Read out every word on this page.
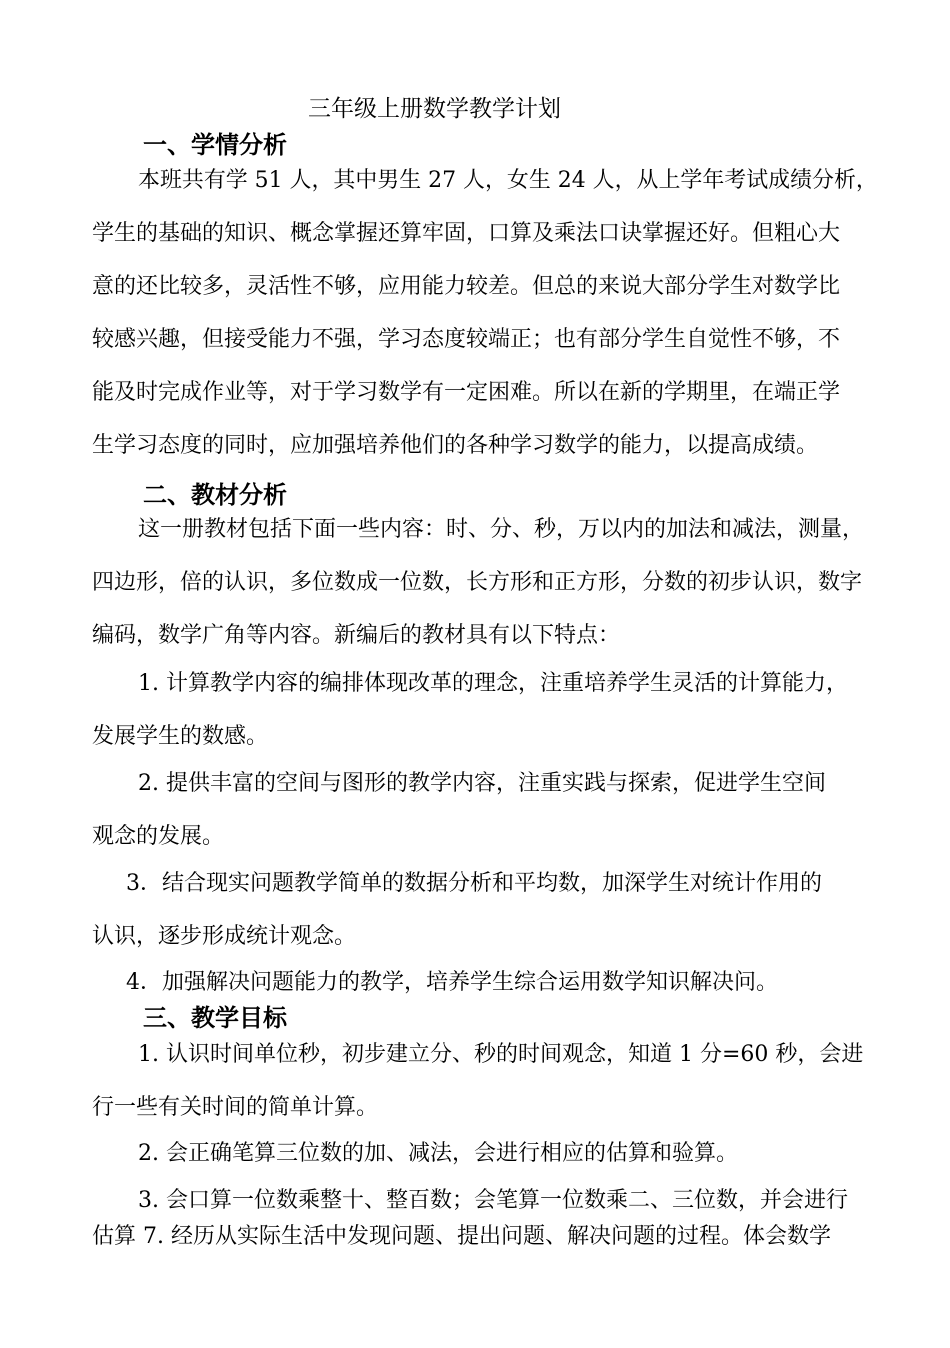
三年级上册数学教学计划
一、学情分析
本班共有学 51 人，其中男生 27 人，女生 24 人，从上学年考试成绩分析，
学生的基础的知识、概念掌握还算牢固，口算及乘法口诀掌握还好。但粗心大
意的还比较多，灵活性不够，应用能力较差。但总的来说大部分学生对数学比
较感兴趣，但接受能力不强，学习态度较端正；也有部分学生自觉性不够，不
能及时完成作业等，对于学习数学有一定困难。所以在新的学期里，在端正学
生学习态度的同时，应加强培养他们的各种学习数学的能力，以提高成绩。
二、教材分析
这一册教材包括下面一些内容：时、分、秒，万以内的加法和减法，测量，
四边形，倍的认识，多位数成一位数，长方形和正方形，分数的初步认识，数字
编码，数学广角等内容。新编后的教材具有以下特点：
1. 计算教学内容的编排体现改革的理念，注重培养学生灵活的计算能力，
发展学生的数感。
2. 提供丰富的空间与图形的教学内容，注重实践与探索，促进学生空间
观念的发展。
3．结合现实问题教学简单的数据分析和平均数，加深学生对统计作用的
认识，逐步形成统计观念。
4．加强解决问题能力的教学，培养学生综合运用数学知识解决问。
三、教学目标
1. 认识时间单位秒，初步建立分、秒的时间观念，知道 1 分=60 秒，会进
行一些有关时间的简单计算。
2. 会正确笔算三位数的加、减法，会进行相应的估算和验算。
3. 会口算一位数乘整十、整百数；会笔算一位数乘二、三位数，并会进行
估算 7. 经历从实际生活中发现问题、提出问题、解决问题的过程。体会数学
